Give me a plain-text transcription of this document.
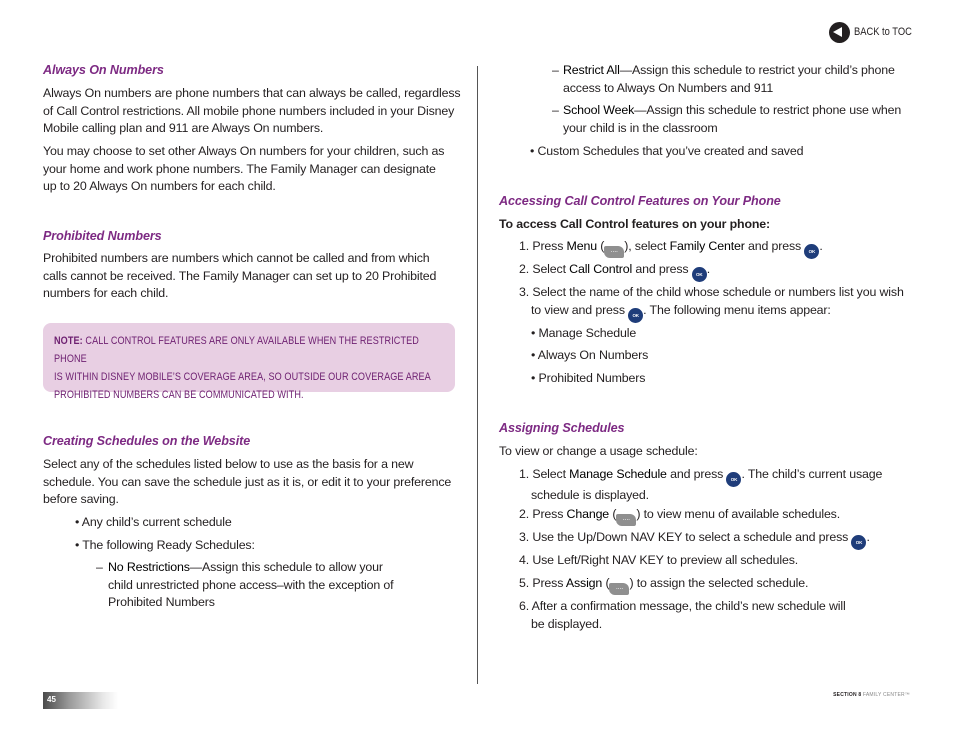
BACK to TOC
Always On Numbers
Always On numbers are phone numbers that can always be called, regardless
of Call Control restrictions. All mobile phone numbers included in your Disney
Mobile calling plan and 911 are Always On numbers.
You may choose to set other Always On numbers for your children, such as
your home and work phone numbers. The Family Manager can designate
up to 20 Always On numbers for each child.
Prohibited Numbers
Prohibited numbers are numbers which cannot be called and from which
calls cannot be received. The Family Manager can set up to 20 Prohibited
numbers for each child.
NOTE: CALL CONTROL FEATURES ARE ONLY AVAILABLE WHEN THE RESTRICTED PHONE
IS WITHIN DISNEY MOBILE’S COVERAGE AREA, SO OUTSIDE OUR COVERAGE AREA
PROHIBITED NUMBERS CAN BE COMMUNICATED WITH.
Creating Schedules on the Website
Select any of the schedules listed below to use as the basis for a new
schedule. You can save the schedule just as it is, or edit it to your preference
before saving.
• Any child’s current schedule
• The following Ready Schedules:
– No Restrictions—Assign this schedule to allow your
child unrestricted phone access–with the exception of
Prohibited Numbers
– Restrict All—Assign this schedule to restrict your child’s phone
access to Always On Numbers and 911
– School Week—Assign this schedule to restrict phone use when
your child is in the classroom
• Custom Schedules that you’ve created and saved
Accessing Call Control Features on Your Phone
To access Call Control features on your phone:
1. Press Menu ( .... ), select Family Center and press OK .
2. Select Call Control and press OK .
3. Select the name of the child whose schedule or numbers list you wish
to view and press OK . The following menu items appear:
• Manage Schedule
• Always On Numbers
• Prohibited Numbers
Assigning Schedules
To view or change a usage schedule:
1. Select Manage Schedule and press OK . The child’s current usage
schedule is displayed.
2. Press Change ( .... ) to view menu of available schedules.
3. Use the Up/Down NAV KEY to select a schedule and press OK .
4. Use Left/Right NAV KEY to preview all schedules.
5. Press Assign ( .... ) to assign the selected schedule.
6. After a confirmation message, the child’s new schedule will
be displayed.
45	SECTION 8 FAMILY CENTER™
